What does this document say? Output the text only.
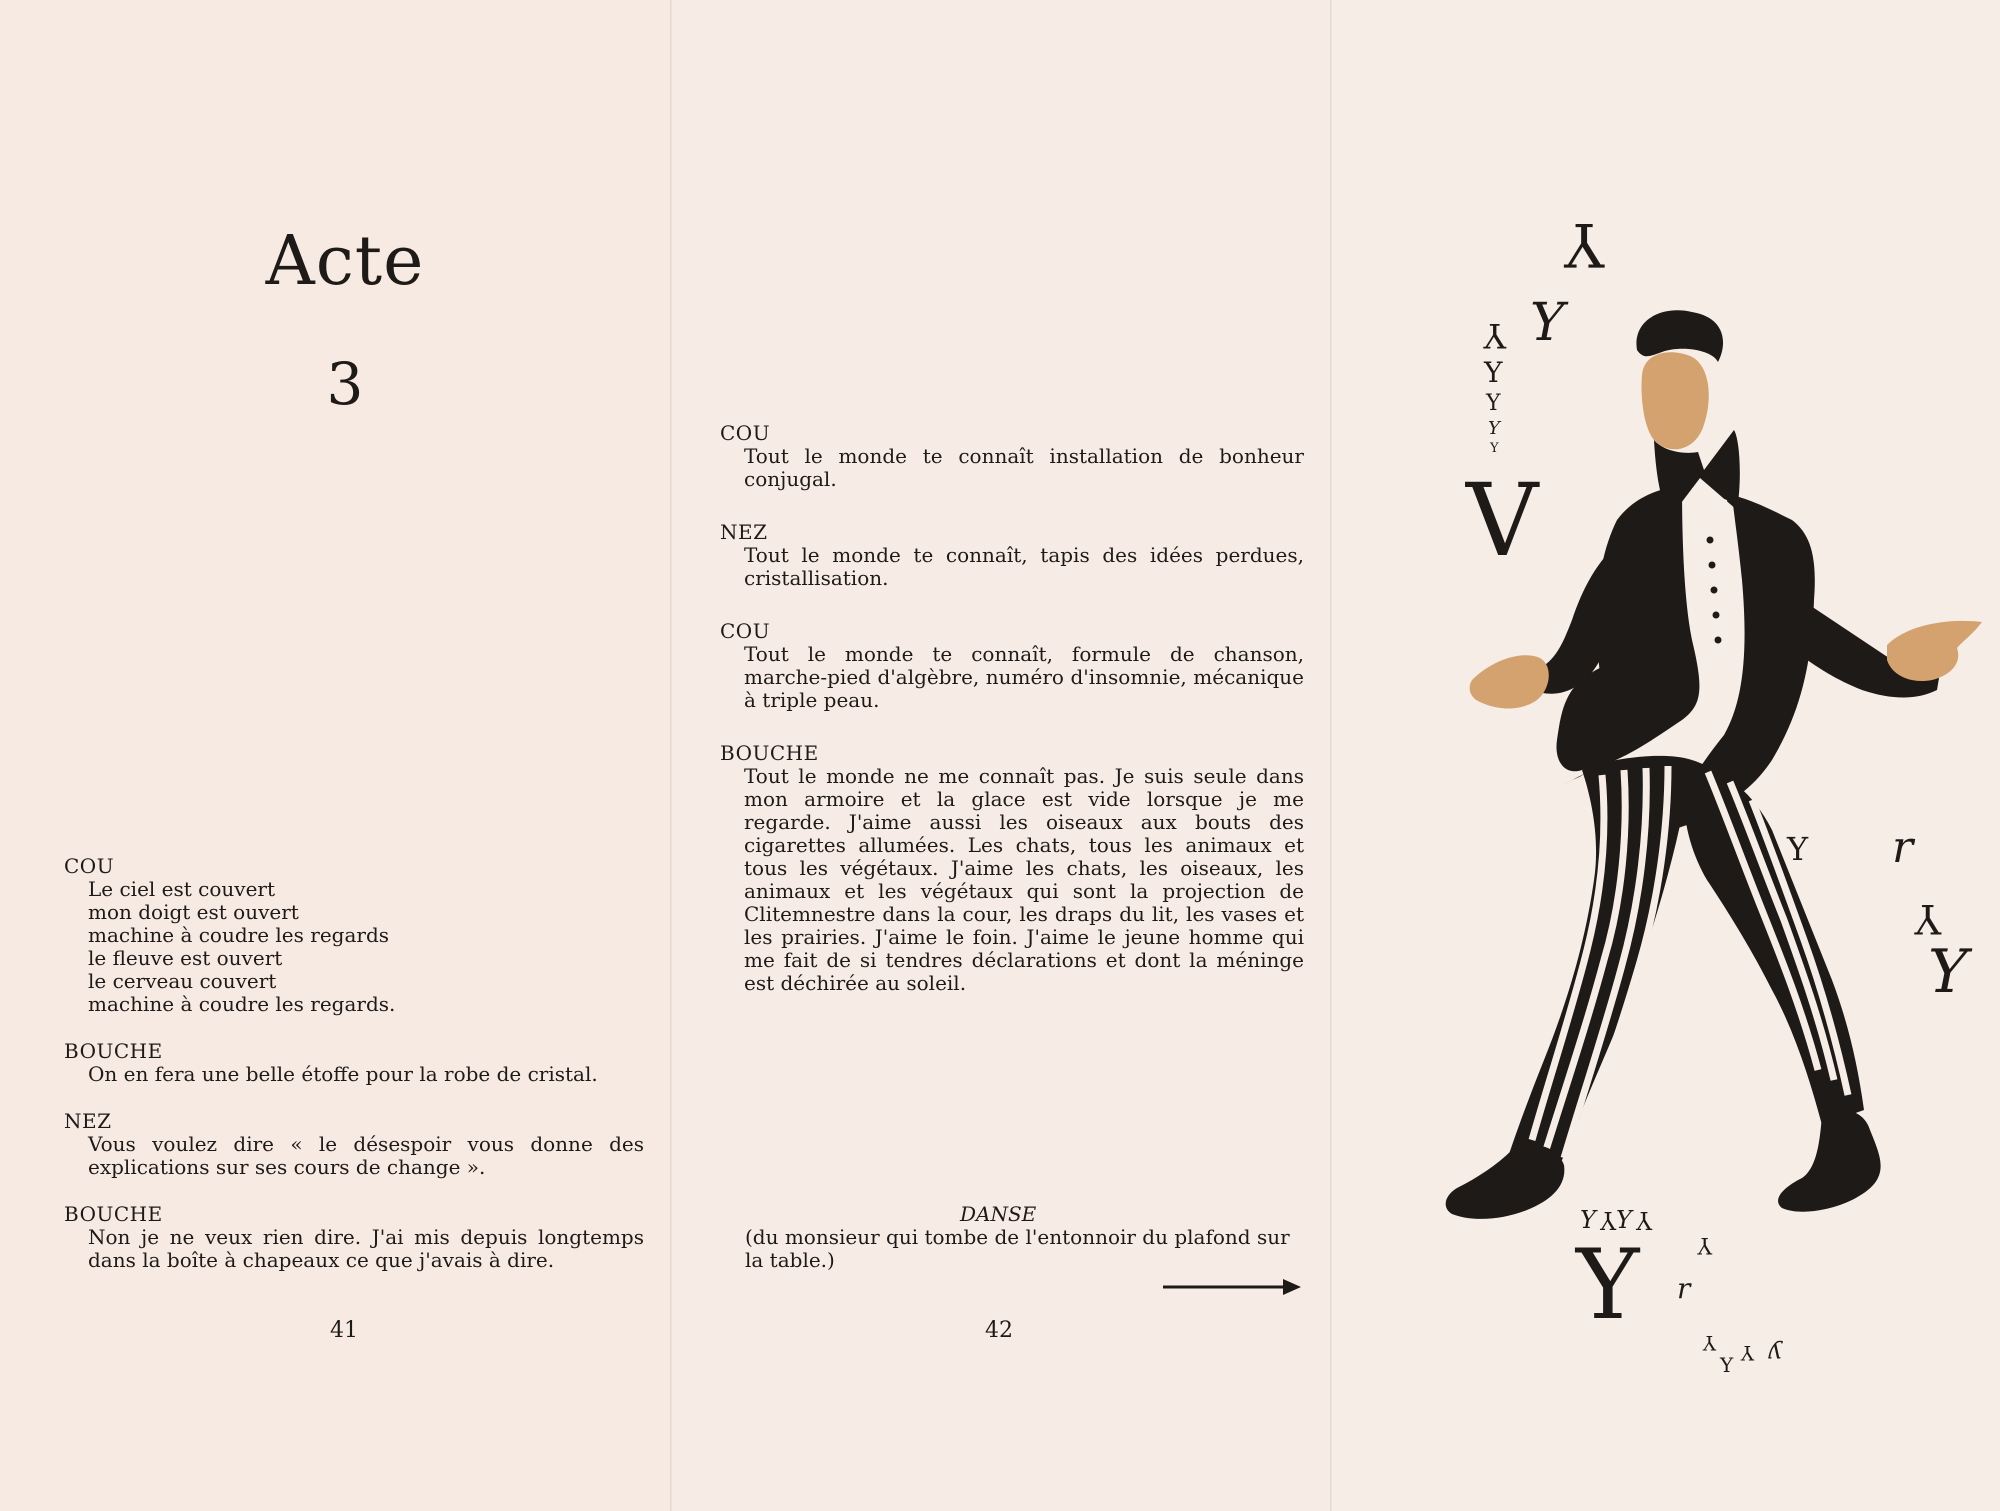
Acte
3
COU
Le ciel est couvert
mon doigt est ouvert
machine à coudre les regards
le fleuve est ouvert
le cerveau couvert
machine à coudre les regards.
BOUCHE
On en fera une belle étoffe pour la robe de cristal.
NEZ
Vous voulez dire « le désespoir vous donne des explications sur ses cours de change ».
BOUCHE
Non je ne veux rien dire. J'ai mis depuis longtemps dans la boîte à chapeaux ce que j'avais à dire.
41
COU
Tout le monde te connaît installation de bonheur conjugal.
NEZ
Tout le monde te connaît, tapis des idées perdues, cristallisation.
COU
Tout le monde te connaît, formule de chanson, marche-pied d'algèbre, numéro d'insomnie, mécanique à triple peau.
BOUCHE
Tout le monde ne me connaît pas. Je suis seule dans mon armoire et la glace est vide lorsque je me regarde. J'aime aussi les oiseaux aux bouts des cigarettes allumées. Les chats, tous les animaux et tous les végétaux. J'aime les chats, les oiseaux, les animaux et les végétaux qui sont la projection de Clitemnestre dans la cour, les draps du lit, les vases et les prairies. J'aime le foin. J'aime le jeune homme qui me fait de si tendres déclarations et dont la méninge est déchirée au soleil.
DANSE
(du monsieur qui tombe de l'entonnoir du plafond sur la table.)
42
Y
Y
Y
Y
Y
Y
Y
V
Y r
Y
Y
Y Y Y Y
Y	Y
r
Y
Y Y y
